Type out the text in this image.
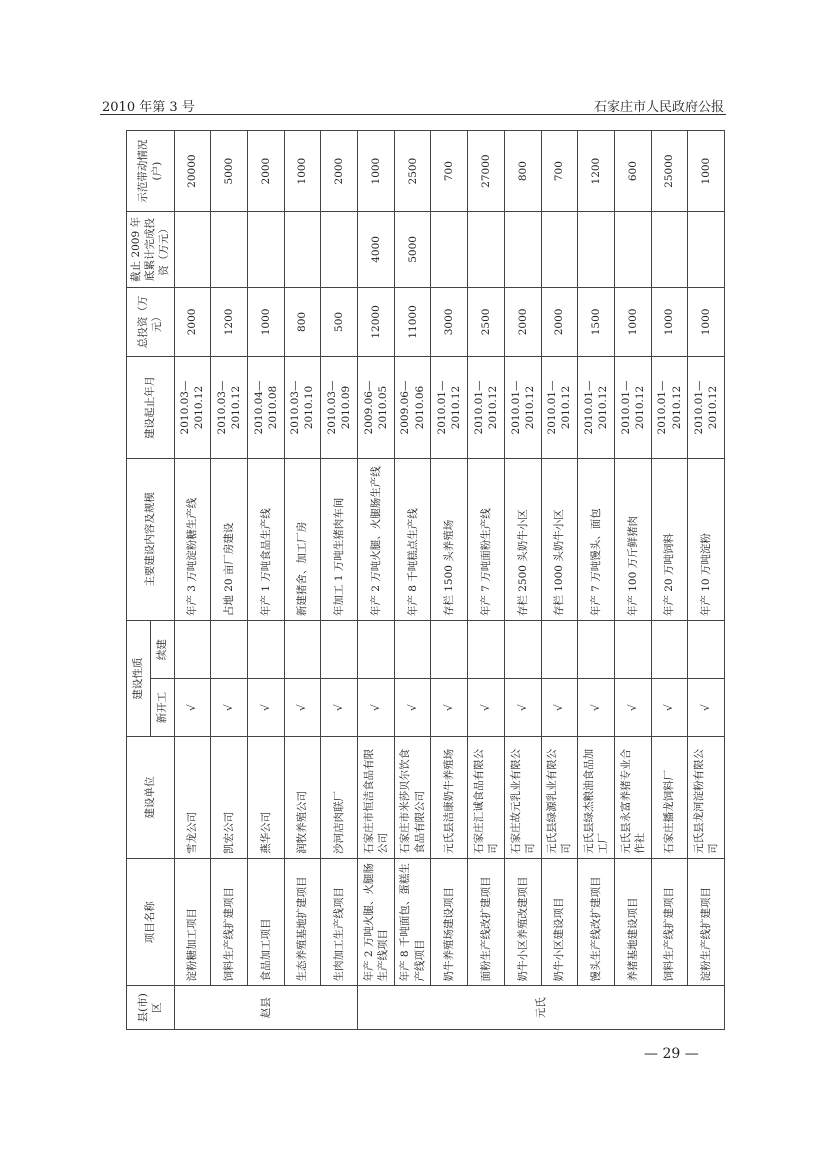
2010 年第 3 号	石家庄市人民政府公报
县(市)区	项目名称	建设单位	建设性质		主要建设内容及规模	建设起止年月	总投资（万元）	截止 2009 年底累计完成投资（万元）	示范带动情况(户)
			新开工	续建					
赵县	淀粉糖加工项目	雪龙公司	√		年产 3 万吨淀粉糖生产线	2010.03—2010.12	2000		20000
	饲料生产线扩建项目	凯宏公司	√		占地 20 亩厂房建设	2010.03—2010.12	1200		5000
	食品加工项目	燕华公司	√		年产 1 万吨食品生产线	2010.04—2010.08	1000		2000
	生态养殖基地扩建项目	润牧养殖公司	√		新建猪舍、加工厂房	2010.03—2010.10	800		1000
	生肉加工生产线项目	沙河店肉联厂	√		年加工 1 万吨生猪肉车间	2010.03—2010.09	500		2000
元氏	年产 2 万吨火腿、火腿肠生产线项目	石家庄市恒洁食品有限公司	√		年产 2 万吨火腿、火腿肠生产线	2009.06—2010.05	12000	4000	1000
	年产 8 千吨面包、蛋糕生产线项目	石家庄市米莎贝尔饮食食品有限公司	√		年产 8 千吨糕点生产线	2009.06—2010.06	11000	5000	2500
	奶牛养殖场建设项目	元氏县洁康奶牛养殖场	√		存栏 1500 头养殖场	2010.01—2010.12	3000		700
	面粉生产线改扩建项目	石家庄汇诚食品有限公司	√		年产 7 万吨面粉生产线	2010.01—2010.12	2500		27000
	奶牛小区养殖改建项目	石家庄故元乳业有限公司	√		存栏 2500 头奶牛小区	2010.01—2010.12	2000		800
	奶牛小区建设项目	元氏县绿源乳业有限公司	√		存栏 1000 头奶牛小区	2010.01—2010.12	2000		700
	馒头生产线改扩建项目	元氏县绿杰粮油食品加工厂	√		年产 7 万吨馒头、面包	2010.01—2010.12	1500		1200
	养猪基地建设项目	元氏县永富养猪专业合作社	√		年产 100 万斤鲜猪肉	2010.01—2010.12	1000		600
	饲料生产线扩建项目	石家庄播龙饲料厂	√		年产 20 万吨饲料	2010.01—2010.12	1000		25000
	淀粉生产线扩建项目	元氏县龙河淀粉有限公司	√		年产 10 万吨淀粉	2010.01—2010.12	1000		1000
— 29 —
